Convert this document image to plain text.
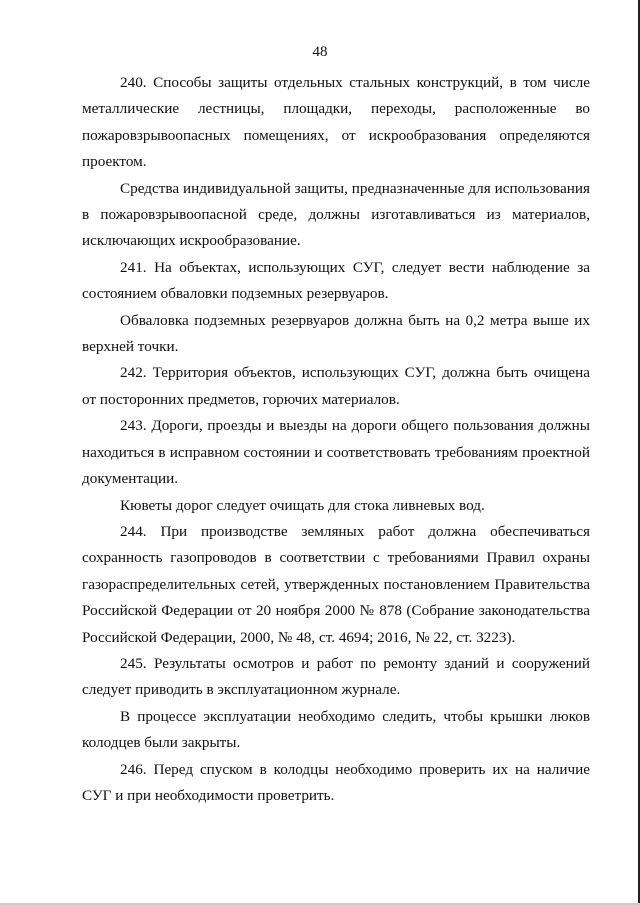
48

240. Способы защиты отдельных стальных конструкций, в том числе металлические лестницы, площадки, переходы, расположенные во пожаровзрывоопасных помещениях, от искрообразования определяются проектом.

Средства индивидуальной защиты, предназначенные для использования в пожаровзрывоопасной среде, должны изготавливаться из материалов, исключающих искрообразование.

241. На объектах, использующих СУГ, следует вести наблюдение за состоянием обваловки подземных резервуаров.

Обваловка подземных резервуаров должна быть на 0,2 метра выше их верхней точки.

242. Территория объектов, использующих СУГ, должна быть очищена от посторонних предметов, горючих материалов.

243. Дороги, проезды и выезды на дороги общего пользования должны находиться в исправном состоянии и соответствовать требованиям проектной документации.

Кюветы дорог следует очищать для стока ливневых вод.

244. При производстве земляных работ должна обеспечиваться сохранность газопроводов в соответствии с требованиями Правил охраны газораспределительных сетей, утвержденных постановлением Правительства Российской Федерации от 20 ноября 2000 № 878 (Собрание законодательства Российской Федерации, 2000, № 48, ст. 4694; 2016, № 22, ст. 3223).

245. Результаты осмотров и работ по ремонту зданий и сооружений следует приводить в эксплуатационном журнале.

В процессе эксплуатации необходимо следить, чтобы крышки люков колодцев были закрыты.

246. Перед спуском в колодцы необходимо проверить их на наличие СУГ и при необходимости проветрить.
